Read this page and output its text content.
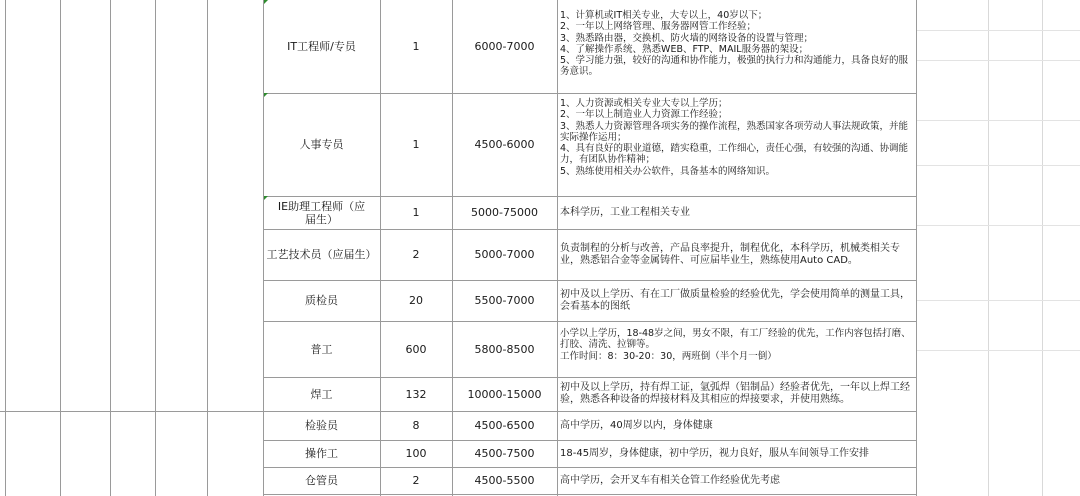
IT工程师/专员	1	6000-7000
1、计算机或IT相关专业，大专以上，40岁以下；
2、一年以上网络管理、服务器网管工作经验；
3、熟悉路由器，交换机、防火墙的网络设备的设置与管理；
4、了解操作系统、熟悉WEB、FTP、MAIL服务器的架设；
5、学习能力强，较好的沟通和协作能力，极强的执行力和沟通能力，具备良好的服务意识。
人事专员	1	4500-6000
1、人力资源或相关专业大专以上学历；
2、一年以上制造业人力资源工作经验；
3、熟悉人力资源管理各项实务的操作流程，熟悉国家各项劳动人事法规政策，并能实际操作运用；
4、具有良好的职业道德，踏实稳重，工作细心，责任心强，有较强的沟通、协调能力，有团队协作精神；
5、熟练使用相关办公软件，具备基本的网络知识。
IE助理工程师（应届生）	1	5000-75000	本科学历，工业工程相关专业
工艺技术员（应届生）	2	5000-7000	负责制程的分析与改善，产品良率提升，制程优化，本科学历，机械类相关专业，熟悉铝合金等金属铸件、可应届毕业生，熟练使用Auto CAD。
质检员	20	5500-7000	初中及以上学历、有在工厂做质量检验的经验优先，学会使用简单的测量工具，会看基本的图纸
普工	600	5800-8500
小学以上学历，18-48岁之间，男女不限，有工厂经验的优先，工作内容包括打磨、打胶、清洗、拉铆等。
工作时间：8：30-20：30，两班倒（半个月一倒）
焊工	132	10000-15000	初中及以上学历，持有焊工证，氩弧焊（铝制品）经验者优先，一年以上焊工经验，熟悉各种设备的焊接材料及其相应的焊接要求，并使用熟练。
检验员	8	4500-6500	高中学历，40周岁以内，身体健康
操作工	100	4500-7500	18-45周岁，身体健康，初中学历，视力良好，服从车间领导工作安排
仓管员	2	4500-5500	高中学历，会开叉车有相关仓管工作经验优先考虑
